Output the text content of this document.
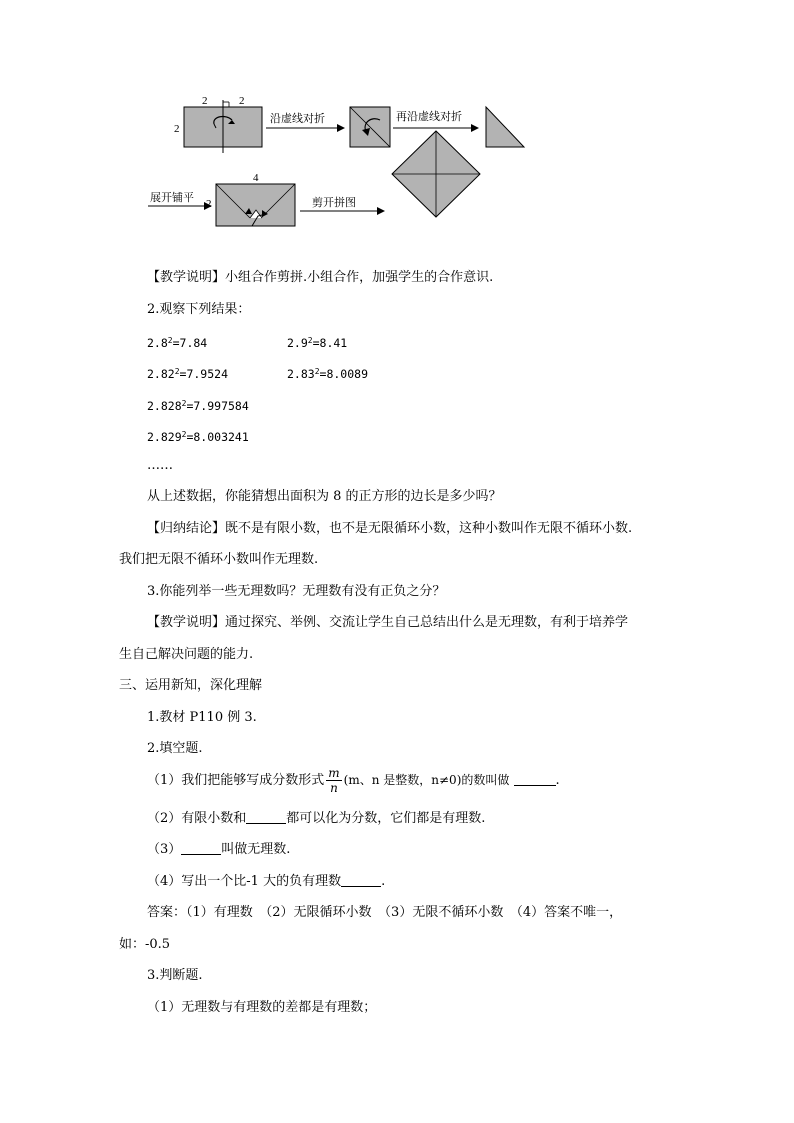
2	2
2
沿虚线对折	再沿虚线对折
展开铺平
4
2	剪开拼图
【教学说明】小组合作剪拼.小组合作，加强学生的合作意识.
2.观察下列结果：
$2.8^2=7.84$	$2.9^2=8.41$
$2.82^2=7.9524$	$2.83^2=8.0089$
$2.828^2=7.997584$
$2.829^2=8.003241$
……
从上述数据，你能猜想出面积为 8 的正方形的边长是多少吗？
【归纳结论】既不是有限小数，也不是无限循环小数，这种小数叫作无限不循环小数.
我们把无限不循环小数叫作无理数.
3.你能列举一些无理数吗？无理数有没有正负之分？
【教学说明】通过探究、举例、交流让学生自己总结出什么是无理数，有利于培养学
生自己解决问题的能力.
三、运用新知，深化理解
1.教材 P110 例 3.
2.填空题.
（1）我们把能够写成分数形式 $\frac{m}{n} (m$、n 是整数，n≠0)的数叫做	.
（2）有限小数和	都可以化为分数，它们都是有理数.
（3）	叫做无理数.
（4）写出一个比-1 大的负有理数	.
答案：（1）有理数　（2）无限循环小数　（3）无限不循环小数　（4）答案不唯一，
如：-0.5
3.判断题.
（1）无理数与有理数的差都是有理数；
